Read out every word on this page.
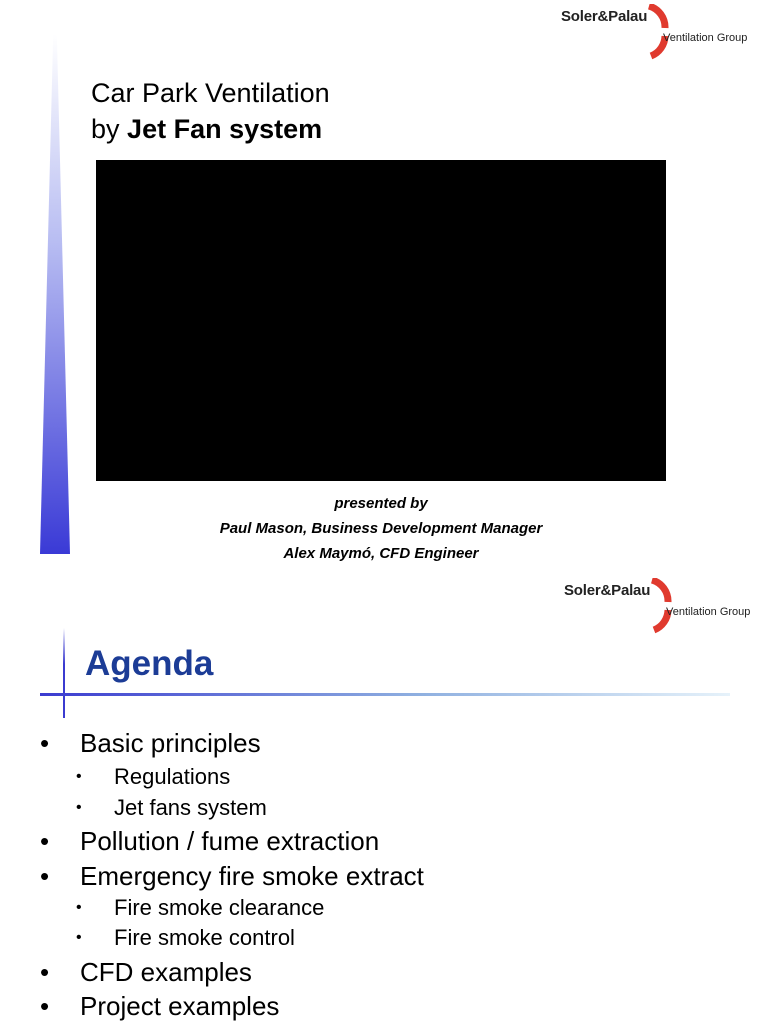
Soler&Palau
Ventilation Group
Car Park Ventilation
by Jet Fan system
presented by
Paul Mason, Business Development Manager
Alex Maymó, CFD Engineer
Soler&Palau
Ventilation Group
Agenda
• Basic principles
• Regulations
• Jet fans system
• Pollution / fume extraction
• Emergency fire smoke extract
• Fire smoke clearance
• Fire smoke control
• CFD examples
• Project examples
